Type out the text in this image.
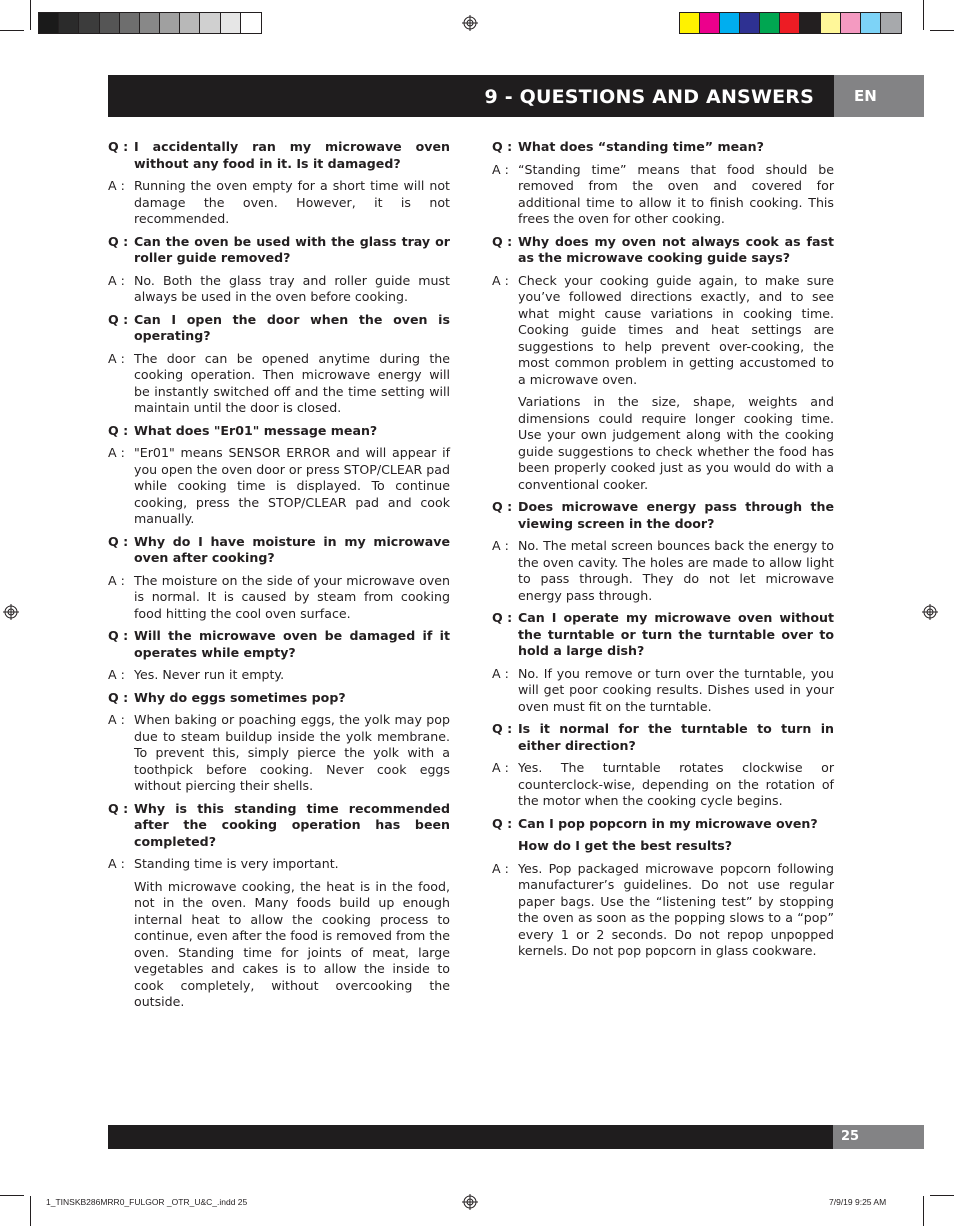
9 - QUESTIONS AND ANSWERS	EN
Q : I accidentally ran my microwave oven without any food in it. Is it damaged?
A : Running the oven empty for a short time will not damage the oven. However, it is not recommended.
Q : Can the oven be used with the glass tray or roller guide removed?
A : No. Both the glass tray and roller guide must always be used in the oven before cooking.
Q : Can I open the door when the oven is operating?
A : The door can be opened anytime during the cooking operation. Then microwave energy will be instantly switched off and the time setting will maintain until the door is closed.
Q : What does "Er01" message mean?
A : "Er01" means SENSOR ERROR and will appear if you open the oven door or press STOP/CLEAR pad while cooking time is displayed. To continue cooking, press the STOP/CLEAR pad and cook manually.
Q : Why do I have moisture in my microwave oven after cooking?
A : The moisture on the side of your microwave oven is normal. It is caused by steam from cooking food hitting the cool oven surface.
Q : Will the microwave oven be damaged if it operates while empty?
A : Yes. Never run it empty.
Q : Why do eggs sometimes pop?
A : When baking or poaching eggs, the yolk may pop due to steam buildup inside the yolk membrane. To prevent this, simply pierce the yolk with a toothpick before cooking. Never cook eggs without piercing their shells.
Q : Why is this standing time recommended after the cooking operation has been completed?
A : Standing time is very important.
With microwave cooking, the heat is in the food, not in the oven. Many foods build up enough internal heat to allow the cooking process to continue, even after the food is removed from the oven. Standing time for joints of meat, large vegetables and cakes is to allow the inside to cook completely, without overcooking the outside.
Q : What does “standing time” mean?
A : “Standing time” means that food should be removed from the oven and covered for additional time to allow it to finish cooking. This frees the oven for other cooking.
Q : Why does my oven not always cook as fast as the microwave cooking guide says?
A : Check your cooking guide again, to make sure you’ve followed directions exactly, and to see what might cause variations in cooking time. Cooking guide times and heat settings are suggestions to help prevent over-cooking, the most common problem in getting accustomed to a microwave oven.
Variations in the size, shape, weights and dimensions could require longer cooking time. Use your own judgement along with the cooking guide suggestions to check whether the food has been properly cooked just as you would do with a conventional cooker.
Q : Does microwave energy pass through the viewing screen in the door?
A : No. The metal screen bounces back the energy to the oven cavity. The holes are made to allow light to pass through. They do not let microwave energy pass through.
Q : Can I operate my microwave oven without the turntable or turn the turntable over to hold a large dish?
A : No. If you remove or turn over the turntable, you will get poor cooking results. Dishes used in your oven must fit on the turntable.
Q : Is it normal for the turntable to turn in either direction?
A : Yes. The turntable rotates clockwise or counterclock-wise, depending on the rotation of the motor when the cooking cycle begins.
Q : Can I pop popcorn in my microwave oven?
How do I get the best results?
A : Yes. Pop packaged microwave popcorn following manufacturer’s guidelines. Do not use regular paper bags. Use the “listening test” by stopping the oven as soon as the popping slows to a “pop” every 1 or 2 seconds. Do not repop unpopped kernels. Do not pop popcorn in glass cookware.
25
1_TINSKB286MRR0_FULGOR _OTR_U&C_.indd 25	7/9/19 9:25 AM
